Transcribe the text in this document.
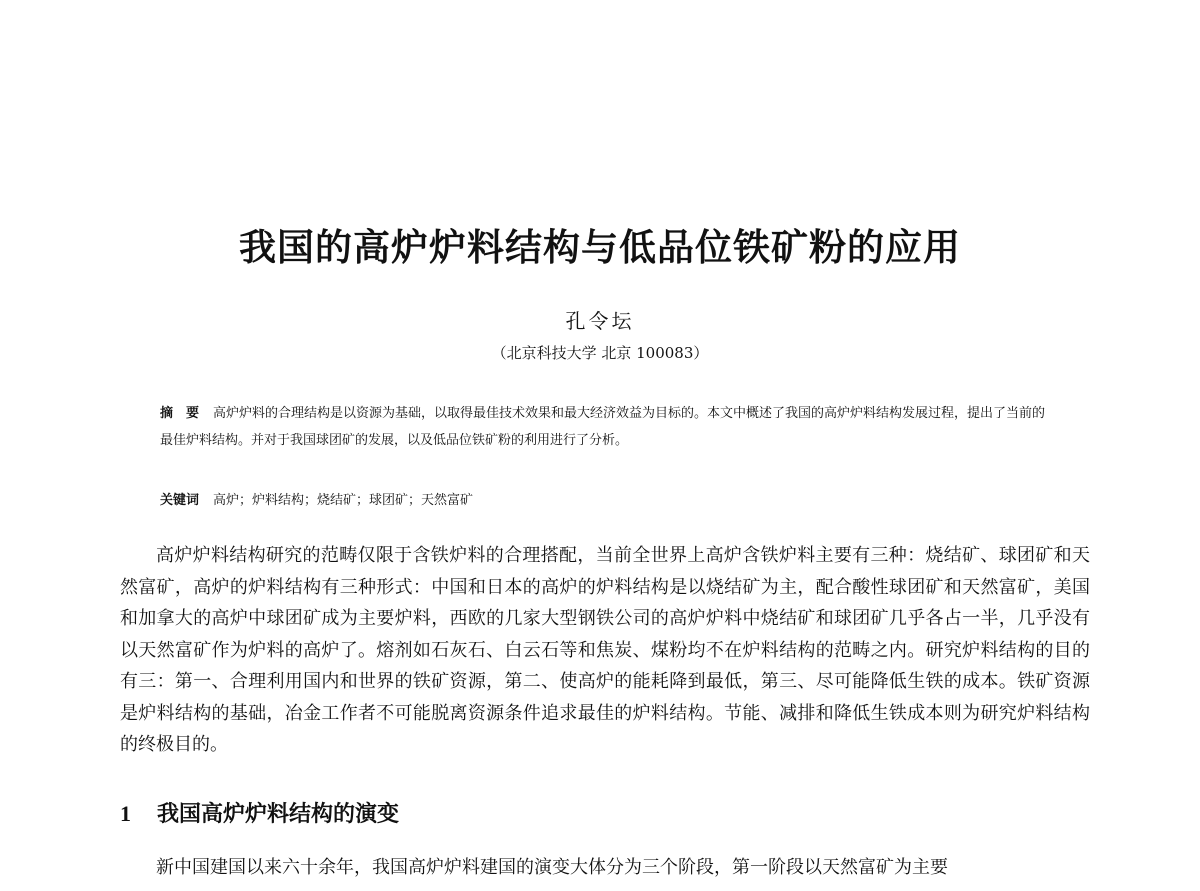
我国的高炉炉料结构与低品位铁矿粉的应用
孔令坛
（北京科技大学 北京 100083）
摘　要 高炉炉料的合理结构是以资源为基础，以取得最佳技术效果和最大经济效益为目标的。本文中概述了我国的高炉炉料结构发展过程，提出了当前的最佳炉料结构。并对于我国球团矿的发展，以及低品位铁矿粉的利用进行了分析。
关键词 高炉；炉料结构；烧结矿；球团矿；天然富矿

高炉炉料结构研究的范畴仅限于含铁炉料的合理搭配，当前全世界上高炉含铁炉料主要有三种：烧结矿、球团矿和天然富矿，高炉的炉料结构有三种形式：中国和日本的高炉的炉料结构是以烧结矿为主，配合酸性球团矿和天然富矿，美国和加拿大的高炉中球团矿成为主要炉料，西欧的几家大型钢铁公司的高炉炉料中烧结矿和球团矿几乎各占一半，几乎没有以天然富矿作为炉料的高炉了。熔剂如石灰石、白云石等和焦炭、煤粉均不在炉料结构的范畴之内。研究炉料结构的目的有三：第一、合理利用国内和世界的铁矿资源，第二、使高炉的能耗降到最低，第三、尽可能降低生铁的成本。铁矿资源是炉料结构的基础，冶金工作者不可能脱离资源条件追求最佳的炉料结构。节能、减排和降低生铁成本则为研究炉料结构的终极目的。

1 我国高炉炉料结构的演变

新中国建国以来六十余年，我国高炉炉料建国的演变大体分为三个阶段，第一阶段以天然富矿为主要
